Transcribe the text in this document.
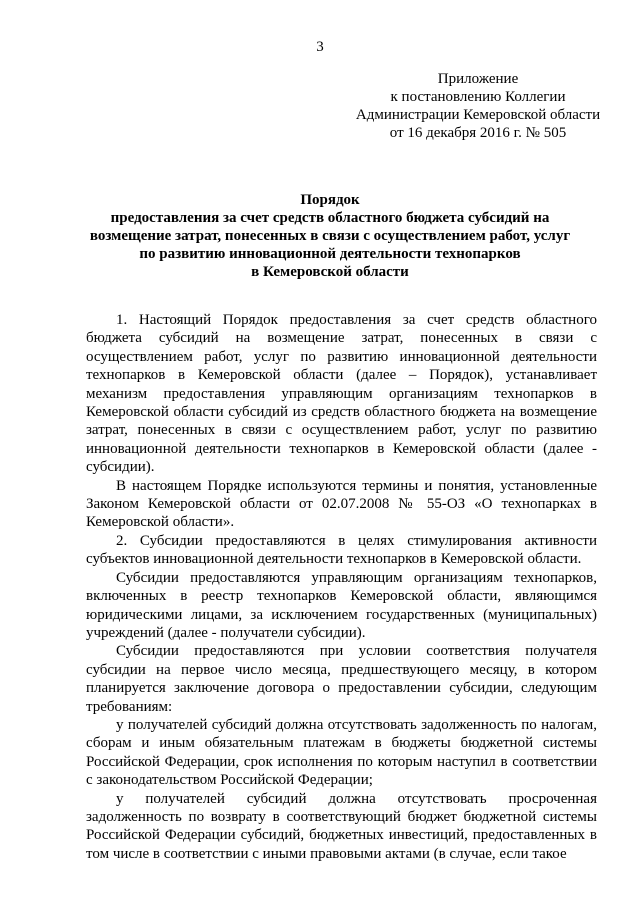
3
Приложение
к постановлению Коллегии
Администрации Кемеровской области
от 16 декабря 2016 г. № 505
Порядок
предоставления за счет средств областного бюджета субсидий на
возмещение затрат, понесенных в связи с осуществлением работ, услуг
по развитию инновационной деятельности технопарков
в Кемеровской области

1. Настоящий Порядок предоставления за счет средств областного бюджета субсидий на возмещение затрат, понесенных в связи с осуществлением работ, услуг по развитию инновационной деятельности технопарков в Кемеровской области (далее – Порядок), устанавливает механизм предоставления управляющим организациям технопарков в Кемеровской области субсидий из средств областного бюджета на возмещение затрат, понесенных в связи с осуществлением работ, услуг по развитию инновационной деятельности технопарков в Кемеровской области (далее - субсидии).

В настоящем Порядке используются термины и понятия, установленные Законом Кемеровской области от 02.07.2008 № 55-ОЗ «О технопарках в Кемеровской области».

2. Субсидии предоставляются в целях стимулирования активности субъектов инновационной деятельности технопарков в Кемеровской области.

Субсидии предоставляются управляющим организациям технопарков, включенных в реестр технопарков Кемеровской области, являющимся юридическими лицами, за исключением государственных (муниципальных) учреждений (далее - получатели субсидии).

Субсидии предоставляются при условии соответствия получателя субсидии на первое число месяца, предшествующего месяцу, в котором планируется заключение договора о предоставлении субсидии, следующим требованиям:

у получателей субсидий должна отсутствовать задолженность по налогам, сборам и иным обязательным платежам в бюджеты бюджетной системы Российской Федерации, срок исполнения по которым наступил в соответствии с законодательством Российской Федерации;

у получателей субсидий должна отсутствовать просроченная задолженность по возврату в соответствующий бюджет бюджетной системы Российской Федерации субсидий, бюджетных инвестиций, предоставленных в том числе в соответствии с иными правовыми актами (в случае, если такое
